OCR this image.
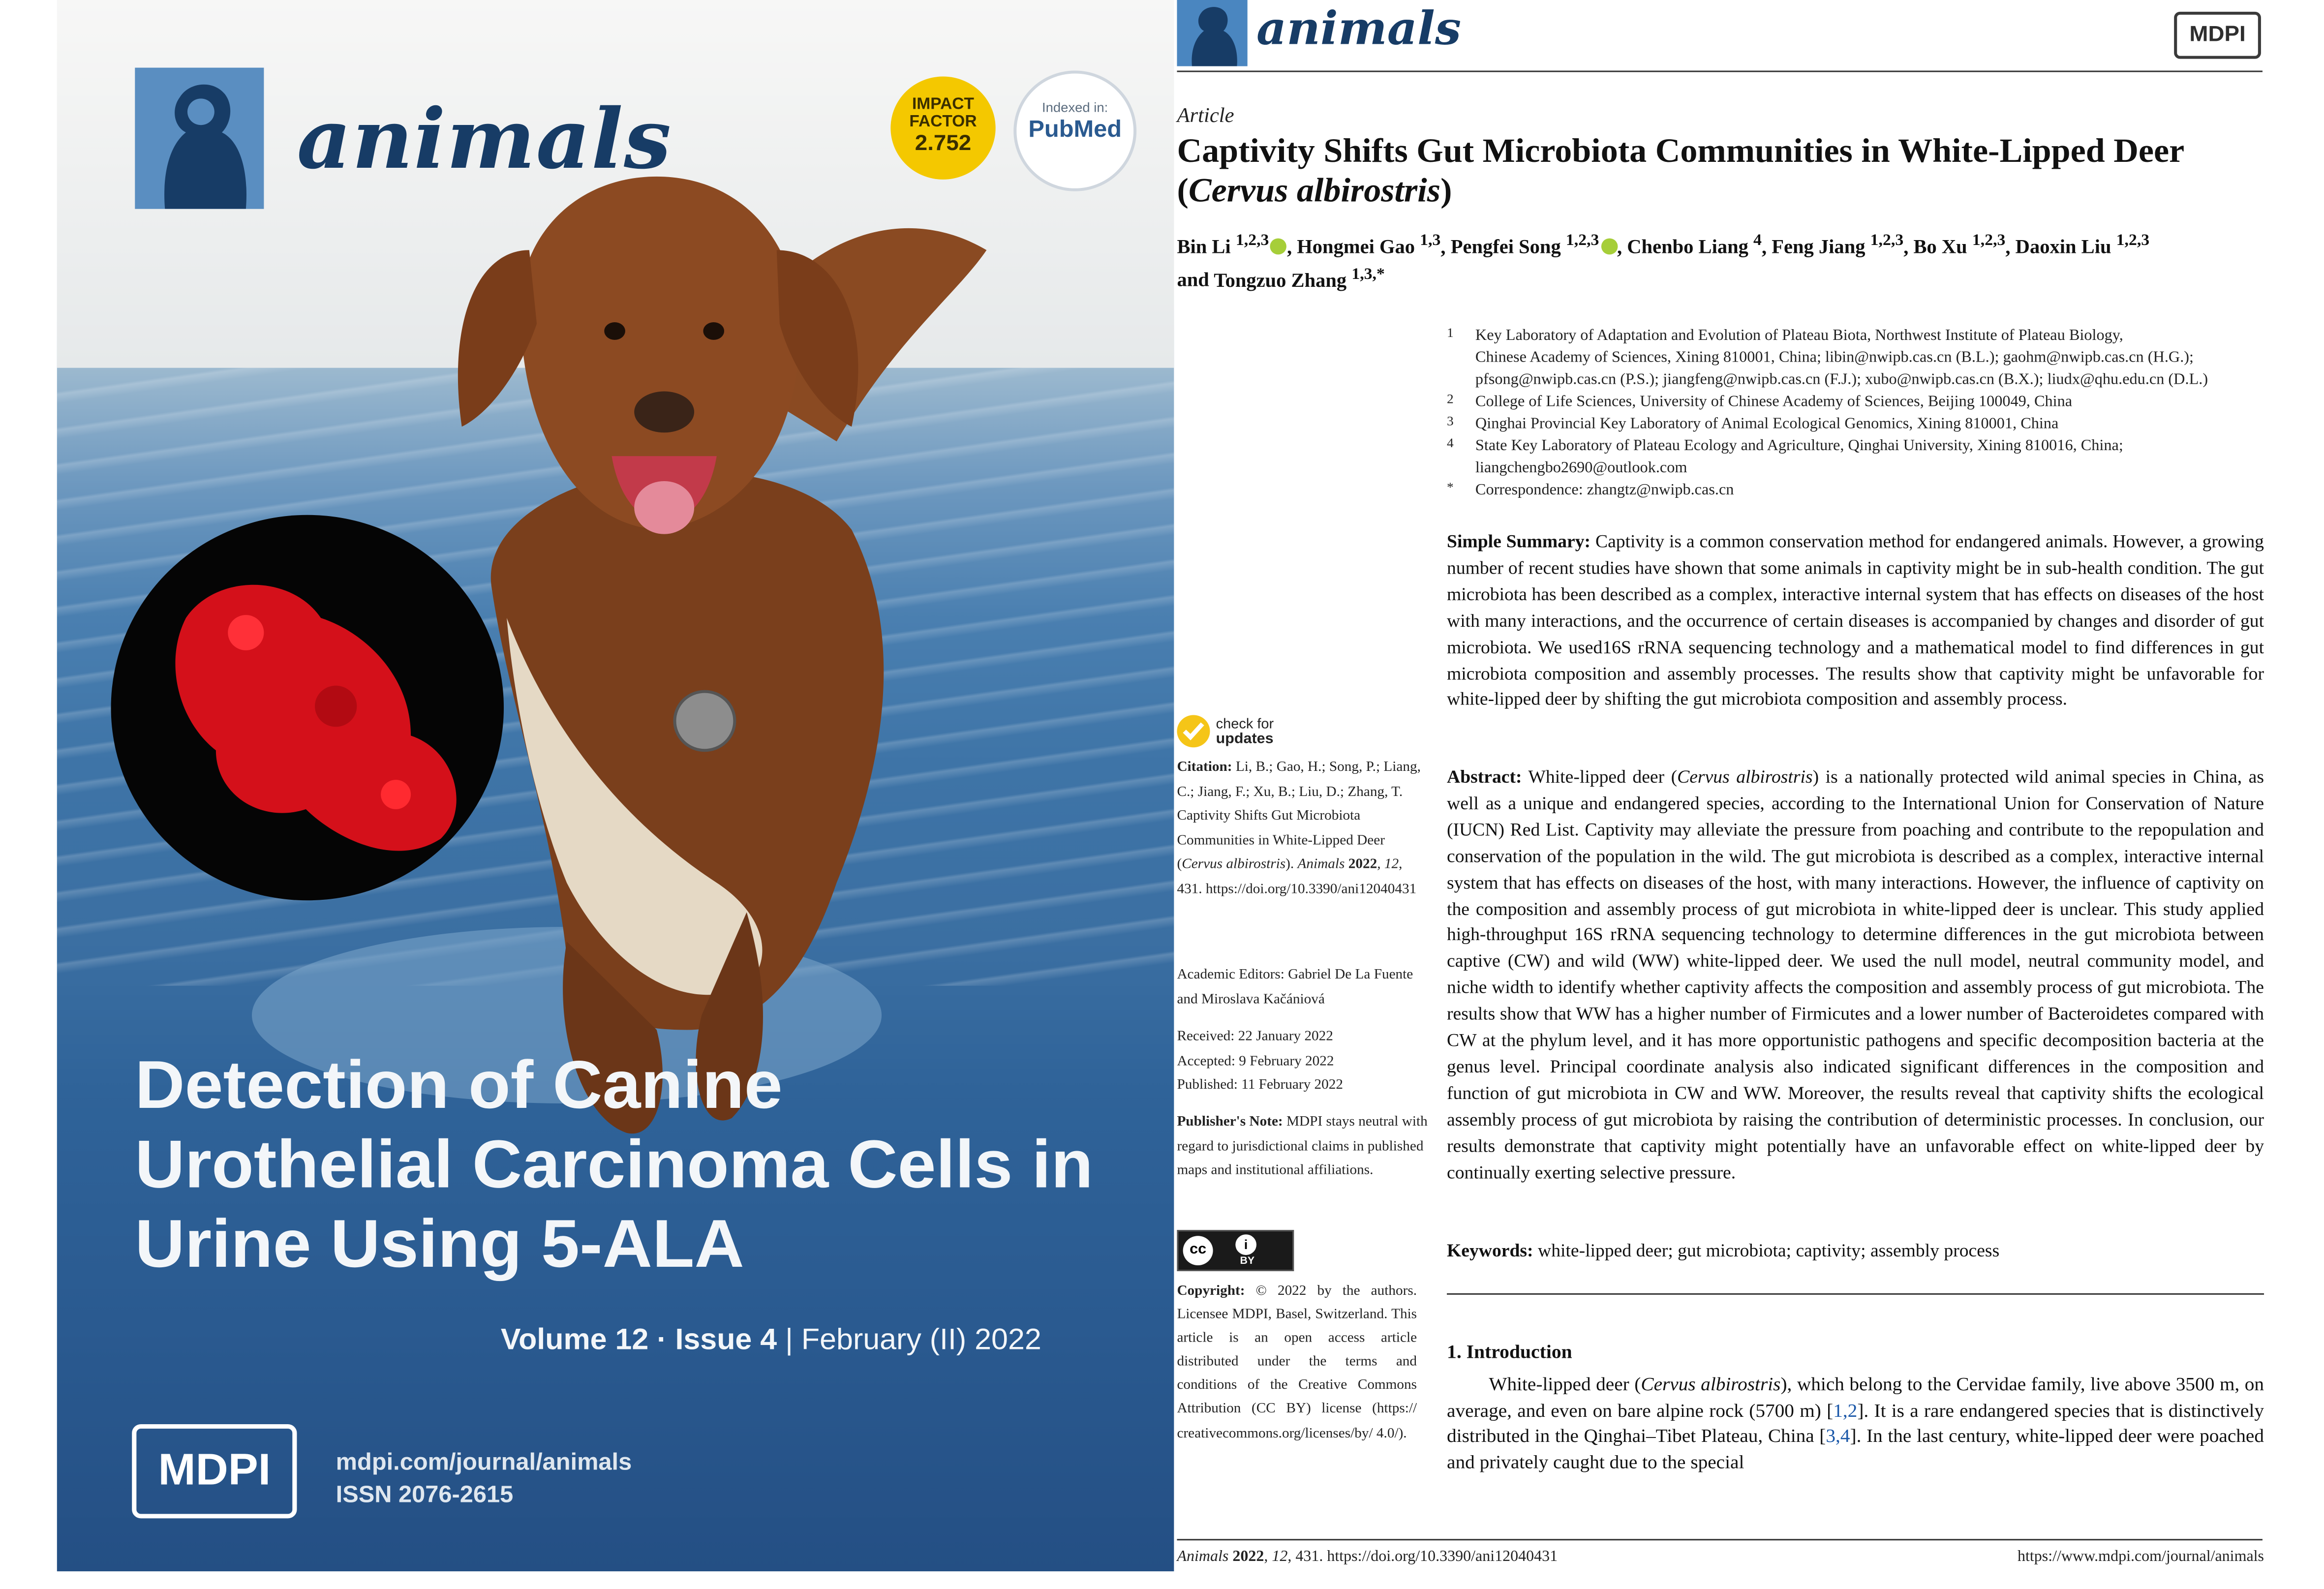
animals	IMPACT
FACTOR
2.752
Indexed in:
PubMed
Detection of Canine
Urothelial Carcinoma Cells in
Urine Using 5-ALA
Volume 12 · Issue 4 | February (II) 2022
MDPI	mdpi.com/journal/animals
ISSN 2076-2615
animals	MDPI
Article
Captivity Shifts Gut Microbiota Communities in White-Lipped Deer (Cervus albirostris)
Bin Li $^{1,2,3}$	, Hongmei Gao $^{1,3}$, Pengfei Song $^{1,2,3}$	, Chenbo Liang $^4$, Feng Jiang $^{1,2,3}$, Bo Xu $^{1,2,3}$, Daoxin Liu $^{1,2,3}$
and Tongzuo Zhang $^{1,3,*}$
1	Key Laboratory of Adaptation and Evolution of Plateau Biota, Northwest Institute of Plateau Biology,
Chinese Academy of Sciences, Xining 810001, China; libin@nwipb.cas.cn (B.L.); gaohm@nwipb.cas.cn (H.G.);
pfsong@nwipb.cas.cn (P.S.); jiangfeng@nwipb.cas.cn (F.J.); xubo@nwipb.cas.cn (B.X.); liudx@qhu.edu.cn (D.L.)
2	College of Life Sciences, University of Chinese Academy of Sciences, Beijing 100049, China
3	Qinghai Provincial Key Laboratory of Animal Ecological Genomics, Xining 810001, China
4	State Key Laboratory of Plateau Ecology and Agriculture, Qinghai University, Xining 810016, China;
liangchengbo2690@outlook.com
*	Correspondence: zhangtz@nwipb.cas.cn
Simple Summary: Captivity is a common conservation method for endangered animals. However, a growing number of recent studies have shown that some animals in captivity might be in sub-health condition. The gut microbiota has been described as a complex, interactive internal system that has effects on diseases of the host with many interactions, and the occurrence of certain diseases is accompanied by changes and disorder of gut microbiota. We used16S rRNA sequencing technology and a mathematical model to find differences in gut microbiota composition and assembly processes. The results show that captivity might be unfavorable for white-lipped deer by shifting the gut microbiota composition and assembly process.
Abstract: White-lipped deer (Cervus albirostris) is a nationally protected wild animal species in China, as well as a unique and endangered species, according to the International Union for Conservation of Nature (IUCN) Red List. Captivity may alleviate the pressure from poaching and contribute to the repopulation and conservation of the population in the wild. The gut microbiota is described as a complex, interactive internal system that has effects on diseases of the host, with many interactions. However, the influence of captivity on the composition and assembly process of gut microbiota in white-lipped deer is unclear. This study applied high-throughput 16S rRNA sequencing technology to determine differences in the gut microbiota between captive (CW) and wild (WW) white-lipped deer. We used the null model, neutral community model, and niche width to identify whether captivity affects the composition and assembly process of gut microbiota. The results show that WW has a higher number of Firmicutes and a lower number of Bacteroidetes compared with CW at the phylum level, and it has more opportunistic pathogens and specific decomposition bacteria at the genus level. Principal coordinate analysis also indicated significant differences in the composition and function of gut microbiota in CW and WW. Moreover, the results reveal that captivity shifts the ecological assembly process of gut microbiota by raising the contribution of deterministic processes. In conclusion, our results demonstrate that captivity might potentially have an unfavorable effect on white-lipped deer by continually exerting selective pressure.
Keywords: white-lipped deer; gut microbiota; captivity; assembly process
1. Introduction
White-lipped deer (Cervus albirostris), which belong to the Cervidae family, live above 3500 m, on average, and even on bare alpine rock (5700 m) [1,2]. It is a rare endangered species that is distinctively distributed in the Qinghai–Tibet Plateau, China [3,4]. In the last century, white-lipped deer were poached and privately caught due to the special
check for
updates
Citation: Li, B.; Gao, H.; Song, P.; Liang, C.; Jiang, F.; Xu, B.; Liu, D.; Zhang, T. Captivity Shifts Gut Microbiota Communities in White-Lipped Deer (Cervus albirostris). Animals 2022, 12, 431. https://doi.org/10.3390/ani12040431
Academic Editors: Gabriel De La Fuente and Miroslava Kačániová
Received: 22 January 2022
Accepted: 9 February 2022
Published: 11 February 2022
Publisher's Note: MDPI stays neutral with regard to jurisdictional claims in published maps and institutional affiliations.
cc	i
BY
Copyright: © 2022 by the authors. Licensee MDPI, Basel, Switzerland. This article is an open access article distributed under the terms and conditions of the Creative Commons Attribution (CC BY) license (https:// creativecommons.org/licenses/by/ 4.0/).
Animals 2022, 12, 431. https://doi.org/10.3390/ani12040431	https://www.mdpi.com/journal/animals
